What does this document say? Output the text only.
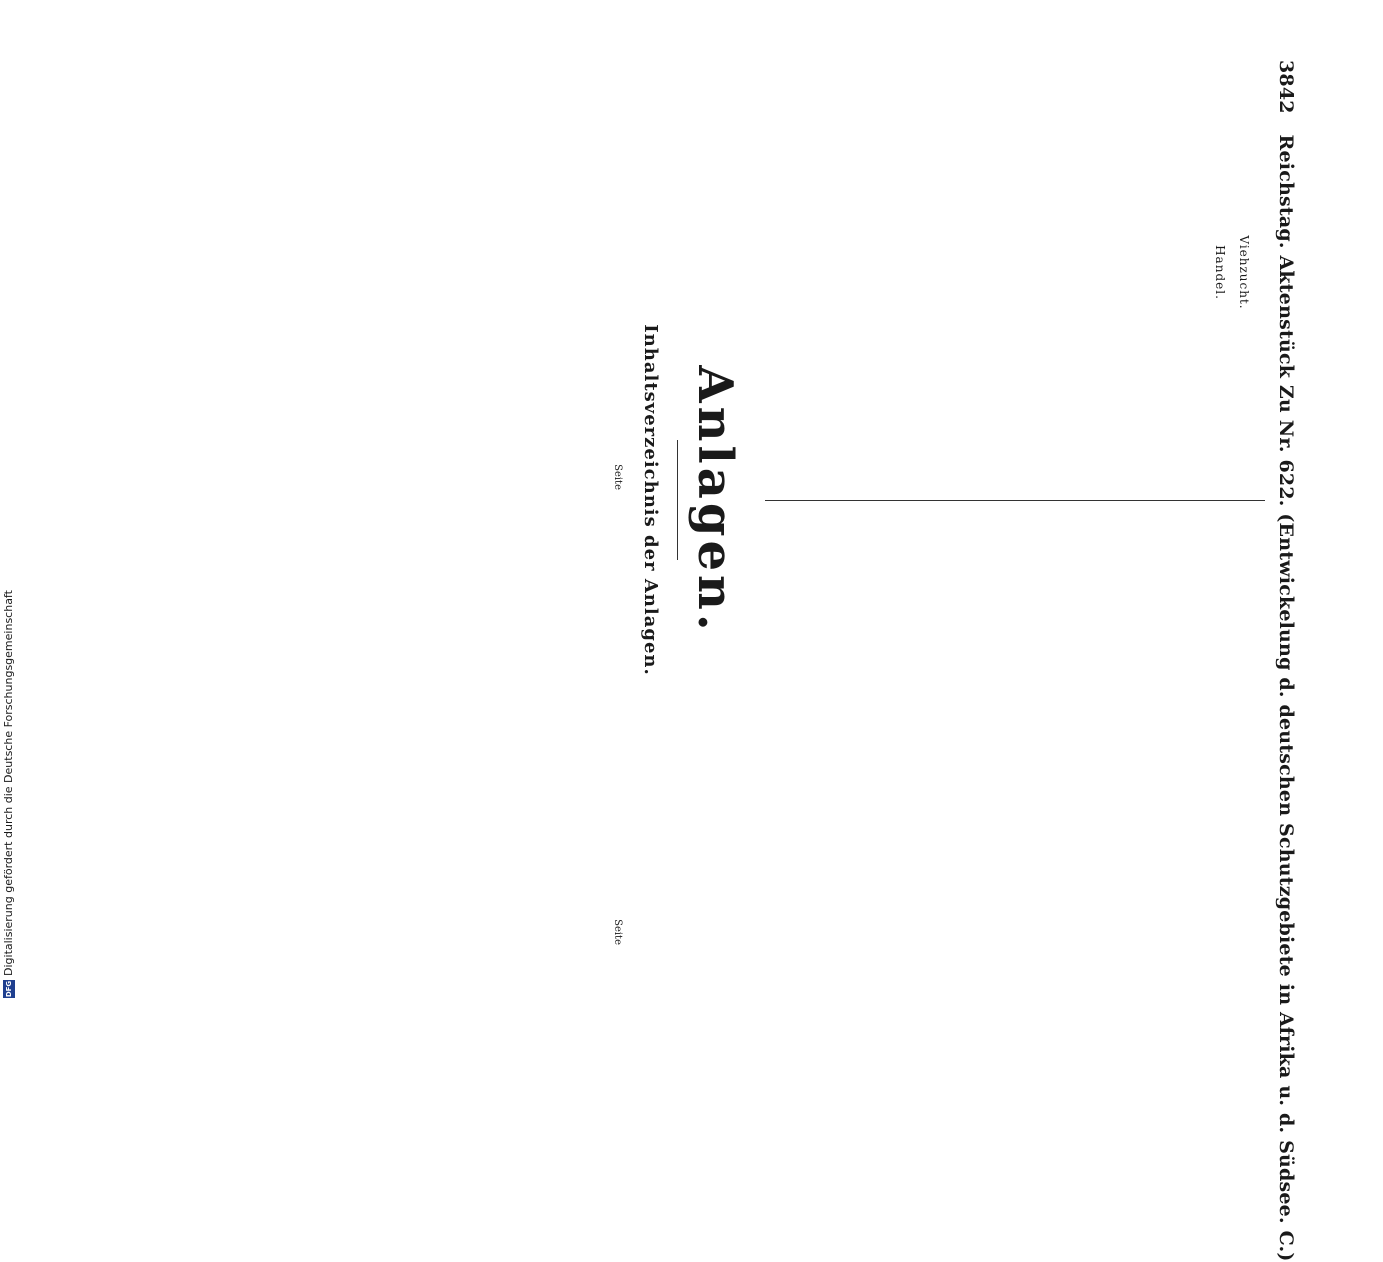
3842 Reichstag. Aktenstück Zu Nr. 622. (Entwickelung d. deutschen Schutzgebiete in Afrika u. d. Südsee. C.)
Viehzucht.
Handel.
Anlagen.
Inhaltsverzeichnis der Anlagen.
Seite
Seite
DFG
Digitalisierung gefördert durch die Deutsche Forschungsgemeinschaft
